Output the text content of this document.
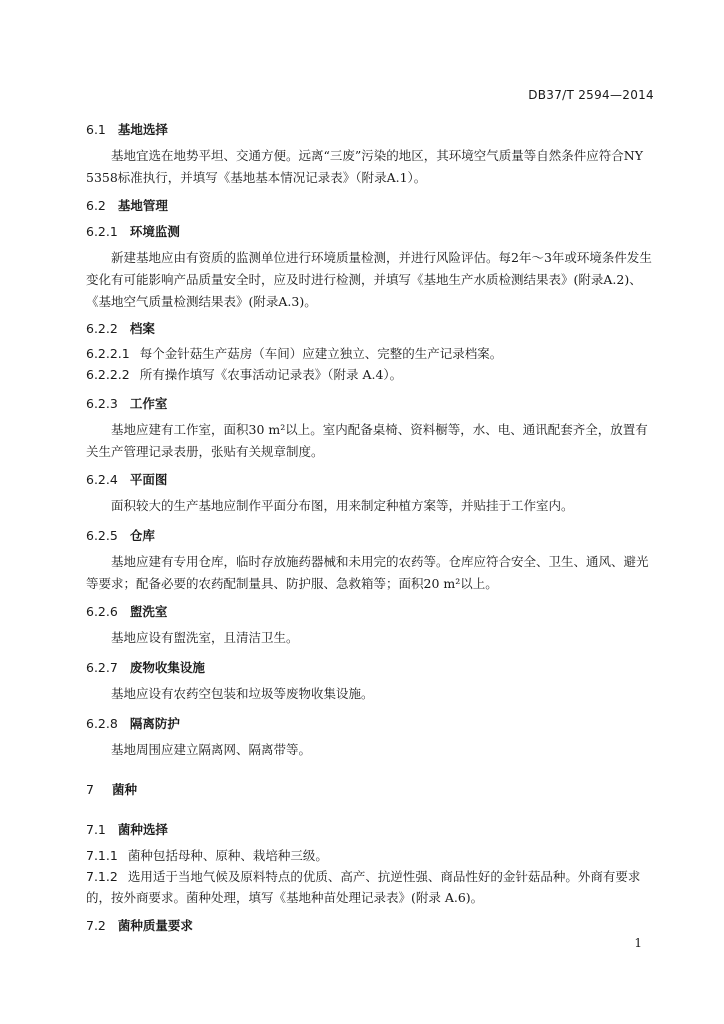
DB37/T 2594—2014
6.1 基地选择
基地宜选在地势平坦、交通方便。远离“三废”污染的地区，其环境空气质量等自然条件应符合NY
5358标准执行，并填写《基地基本情况记录表》（附录A.1）。
6.2 基地管理
6.2.1 环境监测
新建基地应由有资质的监测单位进行环境质量检测，并进行风险评估。每2年～3年或环境条件发生
变化有可能影响产品质量安全时，应及时进行检测，并填写《基地生产水质检测结果表》(附录A.2)、
《基地空气质量检测结果表》(附录A.3)。
6.2.2 档案
6.2.2.1 每个金针菇生产菇房（车间）应建立独立、完整的生产记录档案。
6.2.2.2 所有操作填写《农事活动记录表》（附录 A.4）。
6.2.3 工作室
基地应建有工作室，面积30 m²以上。室内配备桌椅、资料橱等，水、电、通讯配套齐全，放置有
关生产管理记录表册，张贴有关规章制度。
6.2.4 平面图
面积较大的生产基地应制作平面分布图，用来制定种植方案等，并贴挂于工作室内。
6.2.5 仓库
基地应建有专用仓库，临时存放施药器械和未用完的农药等。仓库应符合安全、卫生、通风、避光
等要求；配备必要的农药配制量具、防护服、急救箱等；面积20 m²以上。
6.2.6 盥洗室
基地应设有盥洗室，且清洁卫生。
6.2.7 废物收集设施
基地应设有农药空包装和垃圾等废物收集设施。
6.2.8 隔离防护
基地周围应建立隔离网、隔离带等。
7 菌种
7.1 菌种选择
7.1.1 菌种包括母种、原种、栽培种三级。
7.1.2 选用适于当地气候及原料特点的优质、高产、抗逆性强、商品性好的金针菇品种。外商有要求
的，按外商要求。菌种处理，填写《基地种苗处理记录表》(附录 A.6)。
7.2 菌种质量要求
1
